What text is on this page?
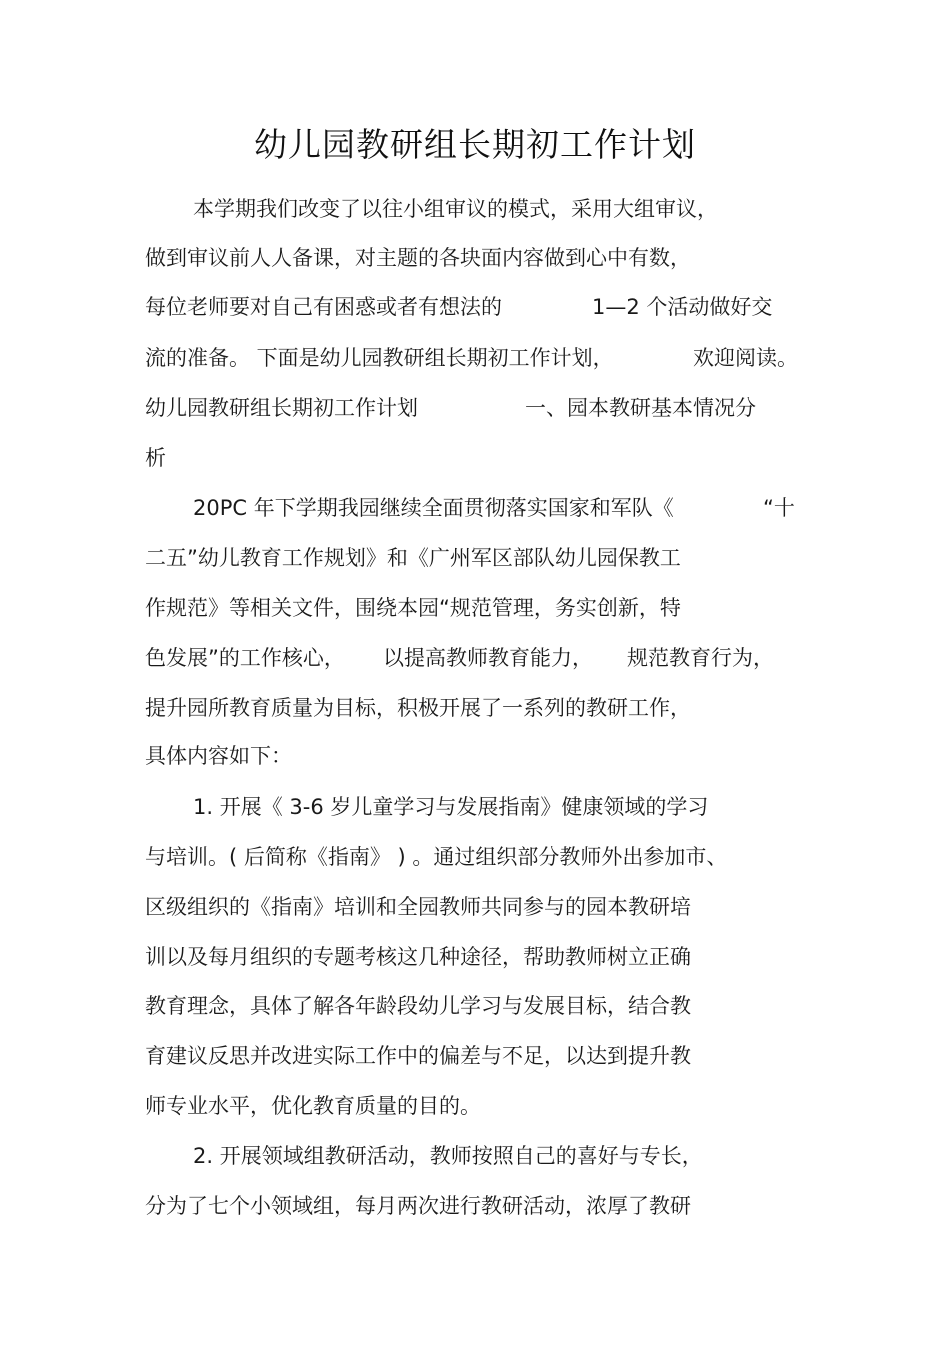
幼儿园教研组长期初工作计划
本学期我们改变了以往小组审议的模式，采用大组审议，
做到审议前人人备课，对主题的各块面内容做到心中有数，
每位老师要对自己有困惑或者有想法的	1—2 个活动做好交
流的准备。 下面是幼儿园教研组长期初工作计划，	欢迎阅读。
幼儿园教研组长期初工作计划	一、园本教研基本情况分
析
20PC 年下学期我园继续全面贯彻落实国家和军队《	“十
二五”幼儿教育工作规划》和《广州军区部队幼儿园保教工
作规范》等相关文件，围绕本园“规范管理，务实创新，特
色发展”的工作核心， 以提高教师教育能力， 规范教育行为，
提升园所教育质量为目标，积极开展了一系列的教研工作，
具体内容如下：
1. 开展《 3-6 岁儿童学习与发展指南》健康领域的学习
与培训。( 后简称《指南》 ) 。通过组织部分教师外出参加市、
区级组织的《指南》培训和全园教师共同参与的园本教研培
训以及每月组织的专题考核这几种途径，帮助教师树立正确
教育理念，具体了解各年龄段幼儿学习与发展目标，结合教
育建议反思并改进实际工作中的偏差与不足，以达到提升教
师专业水平，优化教育质量的目的。
2. 开展领域组教研活动，教师按照自己的喜好与专长，
分为了七个小领域组，每月两次进行教研活动，浓厚了教研
